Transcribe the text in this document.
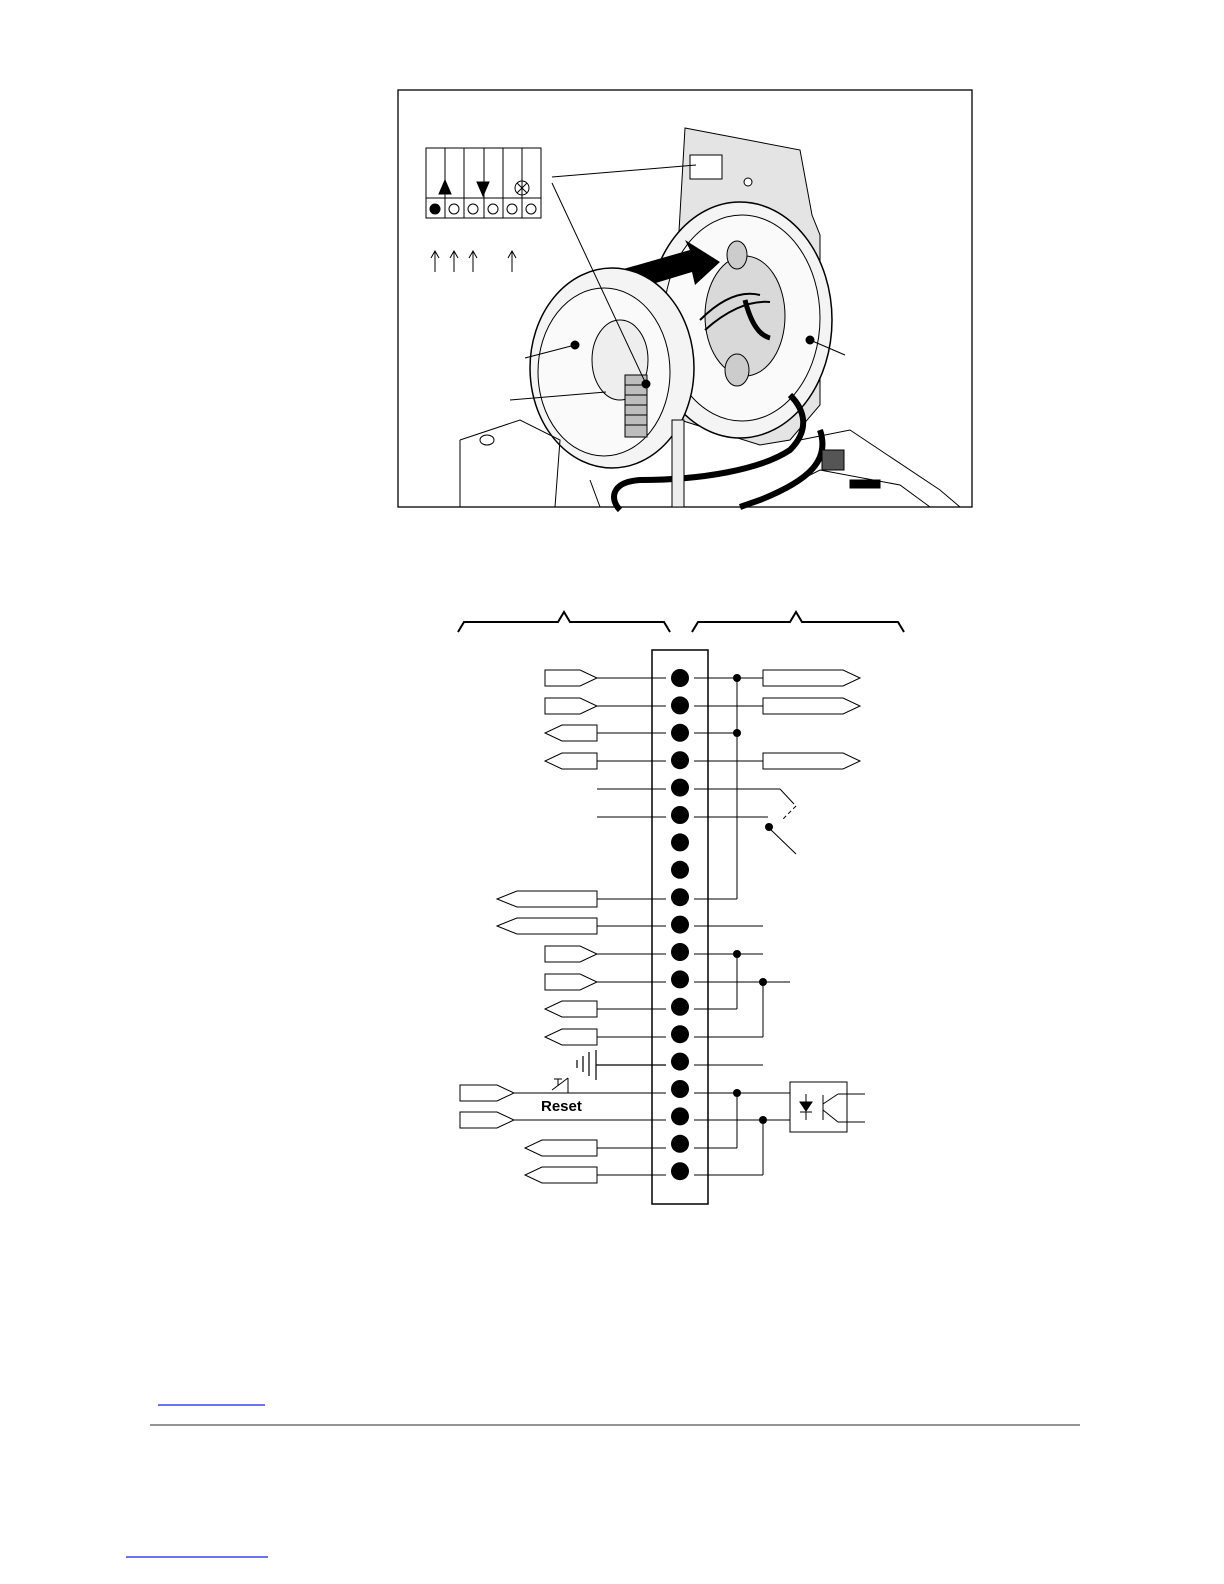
Reset
